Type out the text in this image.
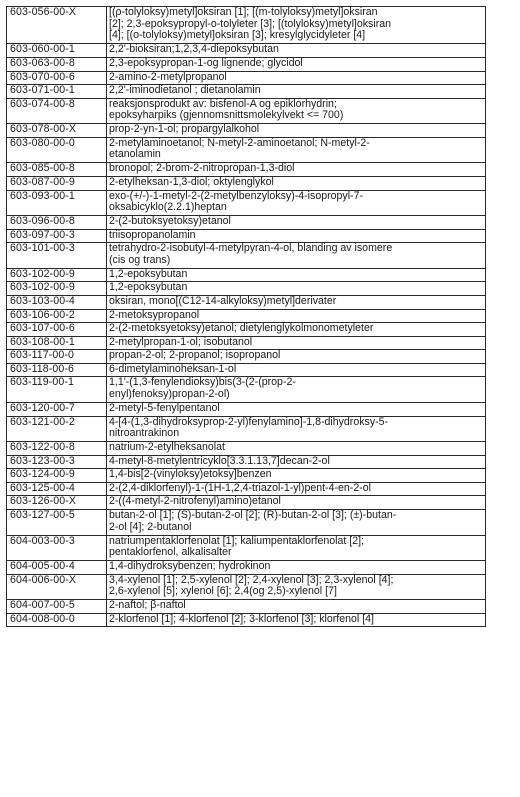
603-056-00-X	[(ρ-tolyloksy)metyl]oksiran [1]; [(m-tolyloksy)metyl]oksiran
[2]; 2,3-epoksypropyl-o-tolyleter [3]; [(tolyloksy)metyl]oksiran
[4]; [(o-tolyloksy)metyl]oksiran [3]; kresylglycidyleter [4]

603-060-00-1	2,2'-bioksiran;1,2,3,4-diepoksybutan

603-063-00-8	2,3-epoksypropan-1-og lignende; glycidol

603-070-00-6	2-amino-2-metylpropanol

603-071-00-1	2,2'-iminodietanol ; dietanolamin

603-074-00-8	reaksjonsprodukt av: bisfenol-A og epiklorhydrin;
epoksyharpiks (gjennomsnittsmolekylvekt <= 700)

603-078-00-X	prop-2-yn-1-ol; propargylalkohol

603-080-00-0	2-metylaminoetanol; N-metyl-2-aminoetanol; N-metyl-2-
etanolamin

603-085-00-8	bronopol; 2-brom-2-nitropropan-1,3-diol

603-087-00-9	2-etylheksan-1,3-diol; oktylenglykol

603-093-00-1	exo-(+/-)-1-metyl-2-(2-metylbenzyloksy)-4-isopropyl-7-
oksabicyklo(2.2.1)heptan

603-096-00-8	2-(2-butoksyetoksy)etanol

603-097-00-3	triisopropanolamin

603-101-00-3	tetrahydro-2-isobutyl-4-metylpyran-4-ol, blanding av isomere
(cis og trans)

603-102-00-9	1,2-epoksybutan

603-102-00-9	1,2-epoksybutan

603-103-00-4	oksiran, mono[(C12-14-alkyloksy)metyl]derivater

603-106-00-2	2-metoksypropanol

603-107-00-6	2-(2-metoksyetoksy)etanol; dietylenglykolmonometyleter

603-108-00-1	2-metylpropan-1-ol; isobutanol

603-117-00-0	propan-2-ol; 2-propanol; isopropanol

603-118-00-6	6-dimetylaminoheksan-1-ol

603-119-00-1	1,1'-(1,3-fenylendioksy)bis(3-(2-(prop-2-
enyl)fenoksy)propan-2-ol)

603-120-00-7	2-metyl-5-fenylpentanol

603-121-00-2	4-[4-(1,3-dihydroksyprop-2-yl)fenylamino]-1,8-dihydroksy-5-
nitroantrakinon

603-122-00-8	natrium-2-etylheksanolat

603-123-00-3	4-metyl-8-metylentricyklo[3.3.1.13,7]decan-2-ol

603-124-00-9	1,4-bis[2-(vinyloksy)etoksy]benzen

603-125-00-4	2-(2,4-diklorfenyl)-1-(1H-1,2,4-triazol-1-yl)pent-4-en-2-ol

603-126-00-X	2-((4-metyl-2-nitrofenyl)amino)etanol

603-127-00-5	butan-2-ol [1]; (S)-butan-2-ol [2]; (R)-butan-2-ol [3]; (±)-butan-
2-ol [4]; 2-butanol

604-003-00-3	natriumpentaklorfenolat [1]; kaliumpentaklorfenolat [2];
pentaklorfenol, alkalisalter

604-005-00-4	1,4-dihydroksybenzen; hydrokinon

604-006-00-X	3,4-xylenol [1]; 2,5-xylenol [2]; 2,4-xylenol [3]; 2,3-xylenol [4];
2,6-xylenol [5]; xylenol [6]; 2,4(og 2,5)-xylenol [7]

604-007-00-5	2-naftol; β-naftol

604-008-00-0	2-klorfenol [1]; 4-klorfenol [2]; 3-klorfenol [3]; klorfenol [4]
